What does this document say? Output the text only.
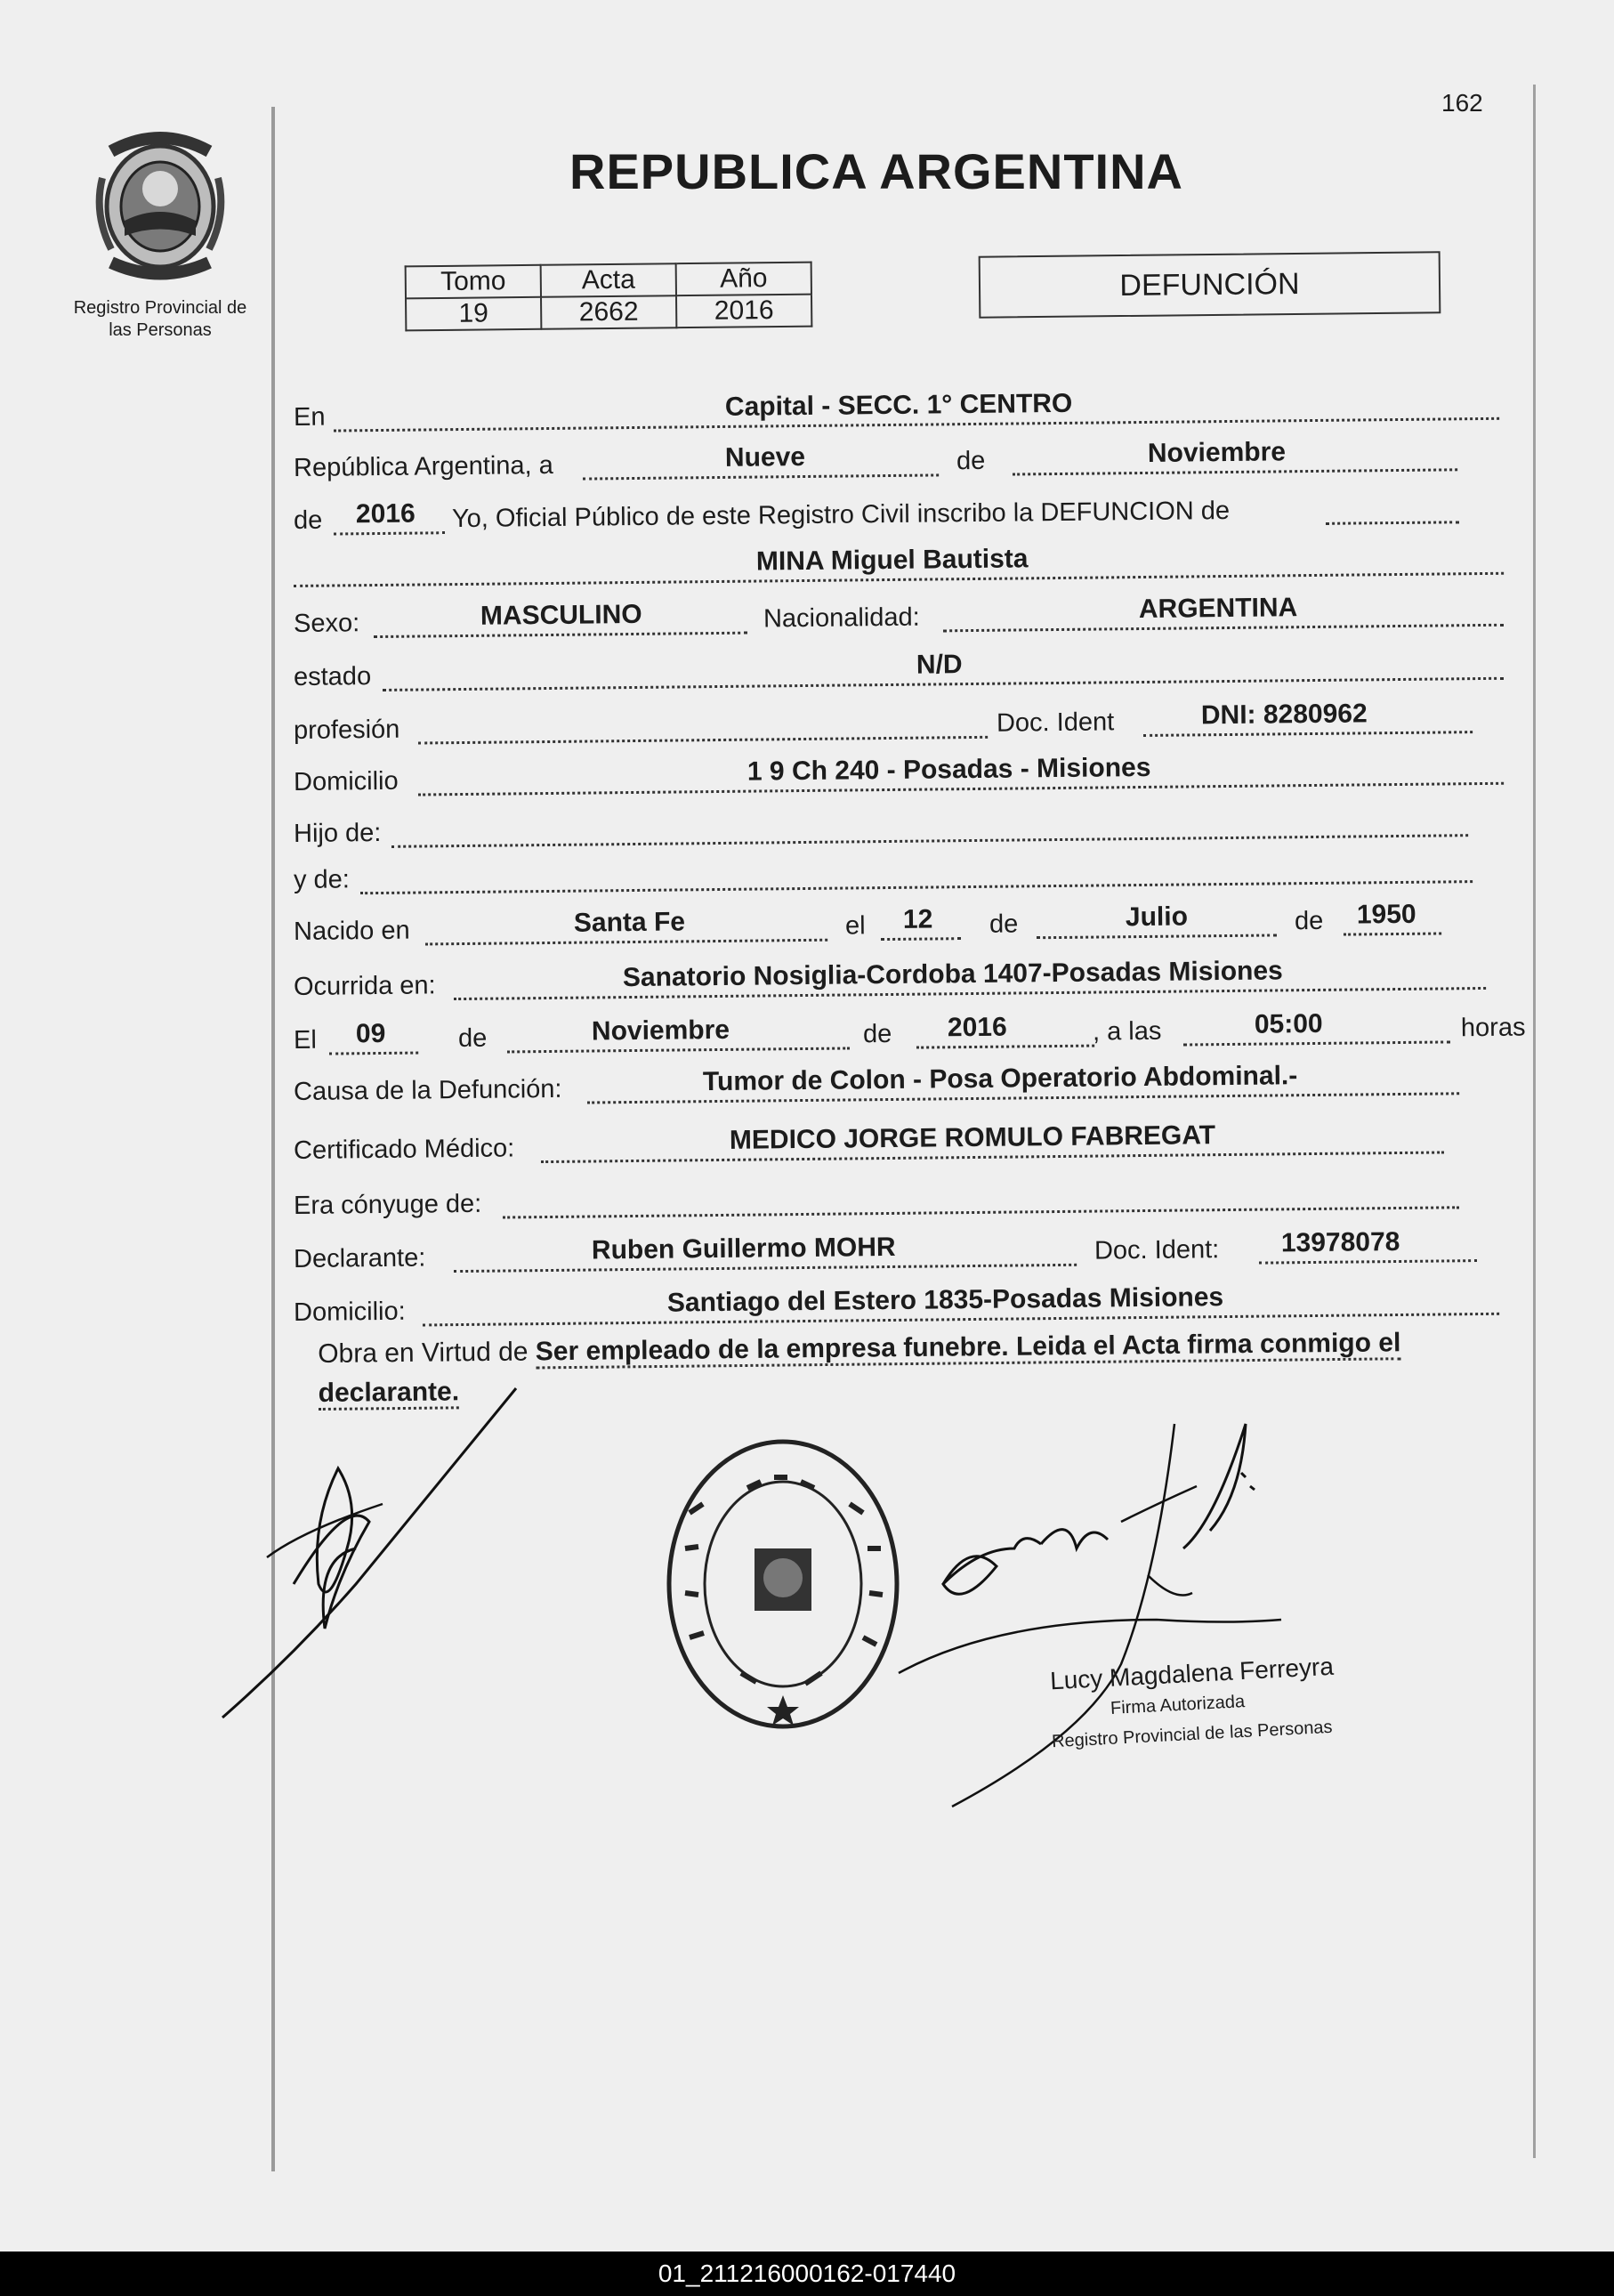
162
Registro Provincial de
las Personas
REPUBLICA ARGENTINA
Tomo	Acta	Año
19	2662	2016
DEFUNCIÓN
En	Capital - SECC. 1° CENTRO
República Argentina, a	Nueve	de	Noviembre
de 2016 Yo, Oficial Público de este Registro Civil inscribo la DEFUNCION de
MINA Miguel Bautista
Sexo:	MASCULINO	Nacionalidad:	ARGENTINA
estado	N/D
profesión	Doc. Ident	DNI: 8280962
Domicilio	1 9 Ch 240 - Posadas - Misiones
Hijo de:
y de:
Nacido en	Santa Fe	el 12 de	Julio	de 1950
Ocurrida en:	Sanatorio Nosiglia-Cordoba 1407-Posadas Misiones
El 09	de	Noviembre	de 2016	, a las	05:00	horas
Causa de la Defunción:	Tumor de Colon - Posa Operatorio Abdominal.-
Certificado Médico:	MEDICO JORGE ROMULO FABREGAT
Era cónyuge de:
Declarante:	Ruben Guillermo MOHR	Doc. Ident: 13978078
Domicilio:	Santiago del Estero 1835-Posadas Misiones
Obra en Virtud de Ser empleado de la empresa funebre. Leida el Acta firma conmigo el declarante.
Lucy Magdalena Ferreyra
Firma Autorizada
Registro Provincial de las Personas
01_211216000162-017440
